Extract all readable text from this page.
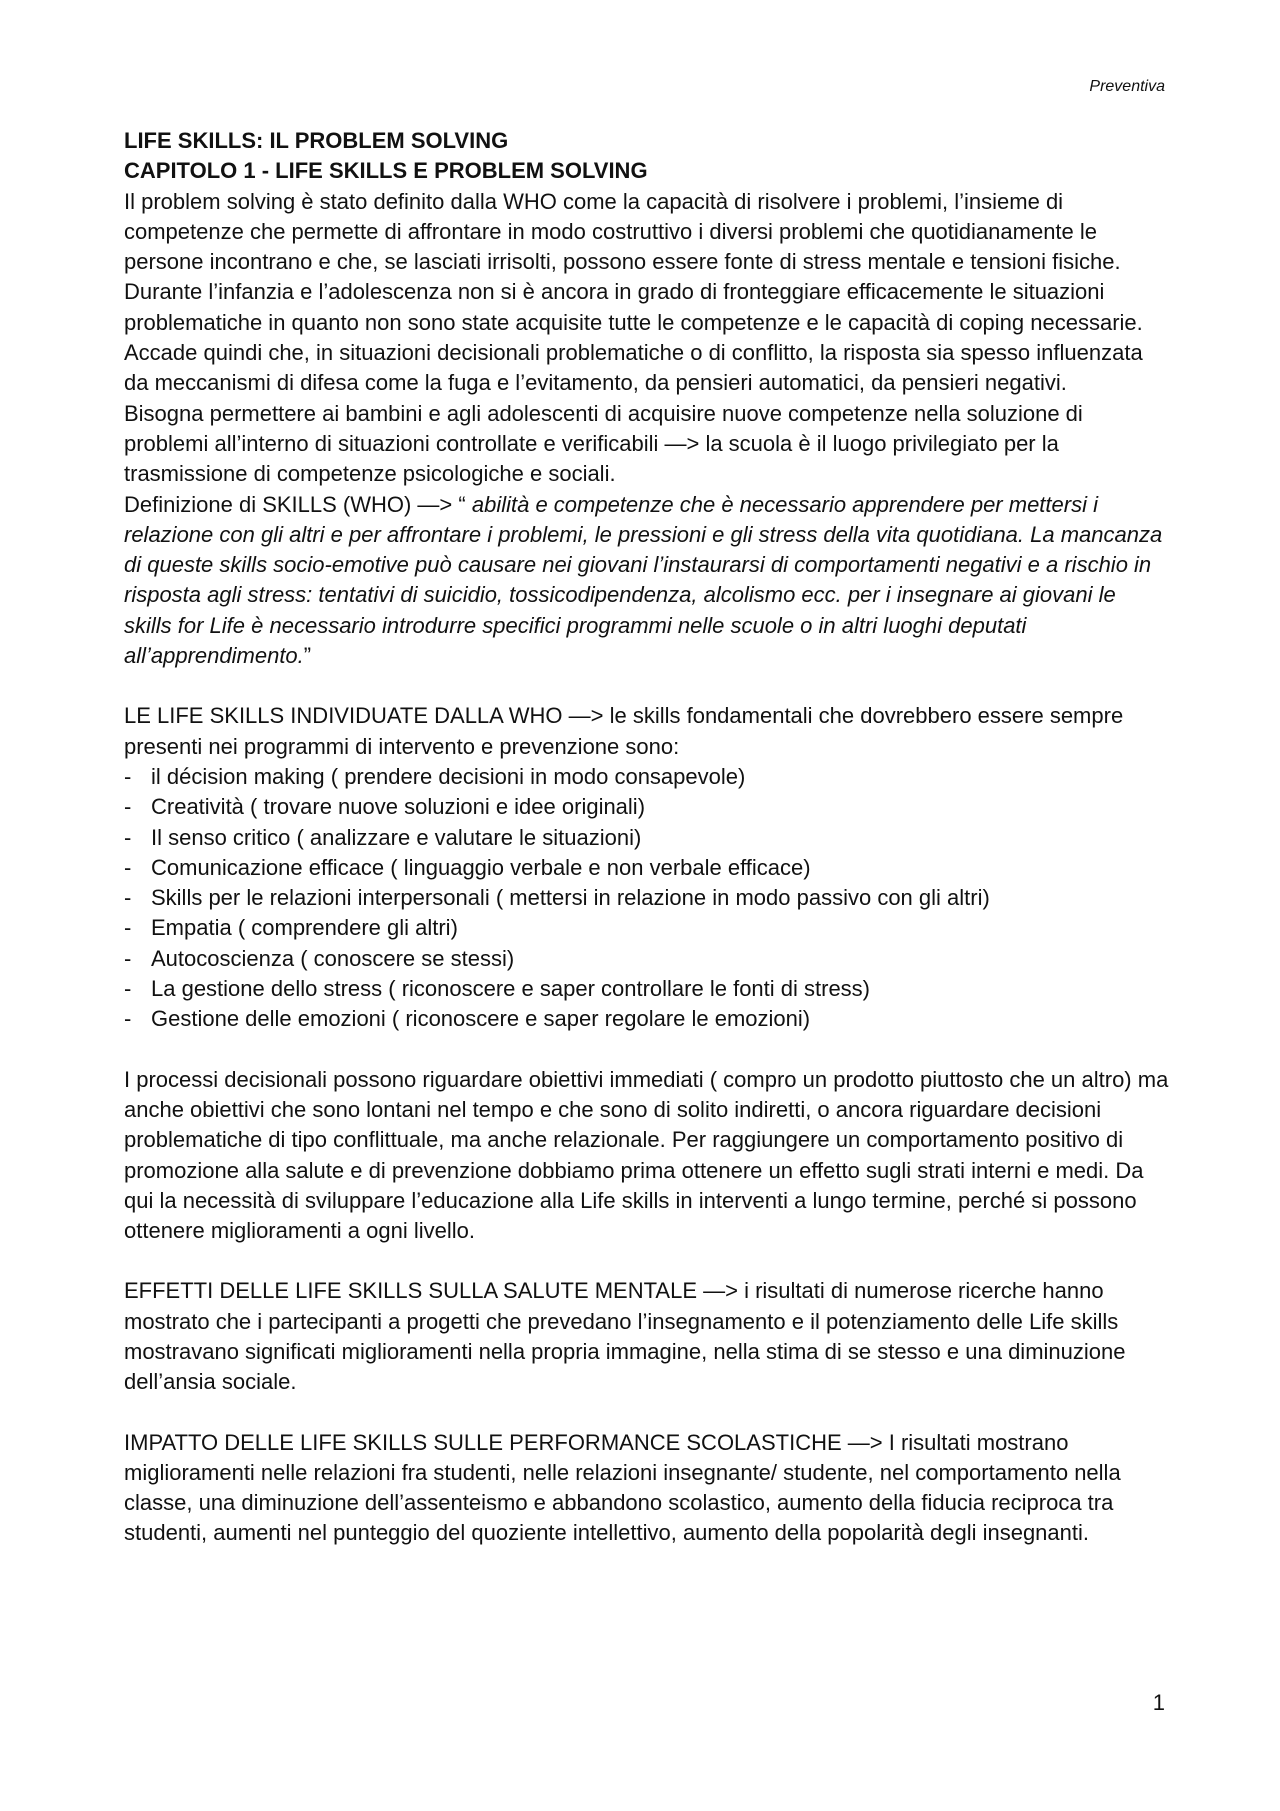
Preventiva
LIFE SKILLS: IL PROBLEM SOLVING
CAPITOLO 1 - LIFE SKILLS E PROBLEM SOLVING

Il problem solving è stato definito dalla WHO come la capacità di risolvere i problemi, l’insieme di competenze che permette di affrontare in modo costruttivo i diversi problemi che quotidianamente le persone incontrano e che, se lasciati irrisolti, possono essere fonte di stress mentale e tensioni fisiche.

Durante l’infanzia e l’adolescenza non si è ancora in grado di fronteggiare efficacemente le situazioni problematiche in quanto non sono state acquisite tutte le competenze e le capacità di coping necessarie. Accade quindi che, in situazioni decisionali problematiche o di conflitto, la risposta sia spesso influenzata da meccanismi di difesa come la fuga e l’evitamento, da pensieri automatici, da pensieri negativi.

Bisogna permettere ai bambini e agli adolescenti di acquisire nuove competenze nella soluzione di problemi all’interno di situazioni controllate e verificabili —> la scuola è il luogo privilegiato per la trasmissione di competenze psicologiche e sociali.

Definizione di SKILLS (WHO) —> “ abilità e competenze che è necessario apprendere per mettersi i relazione con gli altri e per affrontare i problemi, le pressioni e gli stress della vita quotidiana. La mancanza di queste skills socio-emotive può causare nei giovani l’instaurarsi di comportamenti negativi e a rischio in risposta agli stress: tentativi di suicidio, tossicodipendenza, alcolismo ecc. per i insegnare ai giovani le skills for Life è necessario introdurre specifici programmi nelle scuole o in altri luoghi deputati all’apprendimento.”

LE LIFE SKILLS INDIVIDUATE DALLA WHO —> le skills fondamentali che dovrebbero essere sempre presenti nei programmi di intervento e prevenzione sono:

- il décision making ( prendere decisioni in modo consapevole)
- Creatività ( trovare nuove soluzioni e idee originali)
- Il senso critico ( analizzare e valutare le situazioni)
- Comunicazione efficace ( linguaggio verbale e non verbale efficace)
- Skills per le relazioni interpersonali ( mettersi in relazione in modo passivo con gli altri)
- Empatia ( comprendere gli altri)
- Autocoscienza ( conoscere se stessi)
- La gestione dello stress ( riconoscere e saper controllare le fonti di stress)
- Gestione delle emozioni ( riconoscere e saper regolare le emozioni)

I processi decisionali possono riguardare obiettivi immediati ( compro un prodotto piuttosto che un altro) ma anche obiettivi che sono lontani nel tempo e che sono di solito indiretti, o ancora riguardare decisioni problematiche di tipo conflittuale, ma anche relazionale. Per raggiungere un comportamento positivo di promozione alla salute e di prevenzione dobbiamo prima ottenere un effetto sugli strati interni e medi. Da qui la necessità di sviluppare l’educazione alla Life skills in interventi a lungo termine, perché si possono ottenere miglioramenti a ogni livello.

EFFETTI DELLE LIFE SKILLS SULLA SALUTE MENTALE —> i risultati di numerose ricerche hanno mostrato che i partecipanti a progetti che prevedano l’insegnamento e il potenziamento delle Life skills mostravano significati miglioramenti nella propria immagine, nella stima di se stesso e una diminuzione dell’ansia sociale.

IMPATTO DELLE LIFE SKILLS SULLE PERFORMANCE SCOLASTICHE —> I risultati mostrano miglioramenti nelle relazioni fra studenti, nelle relazioni insegnante/ studente, nel comportamento nella classe, una diminuzione dell’assenteismo e abbandono scolastico, aumento della fiducia reciproca tra studenti, aumenti nel punteggio del quoziente intellettivo, aumento della popolarità degli insegnanti.

1
